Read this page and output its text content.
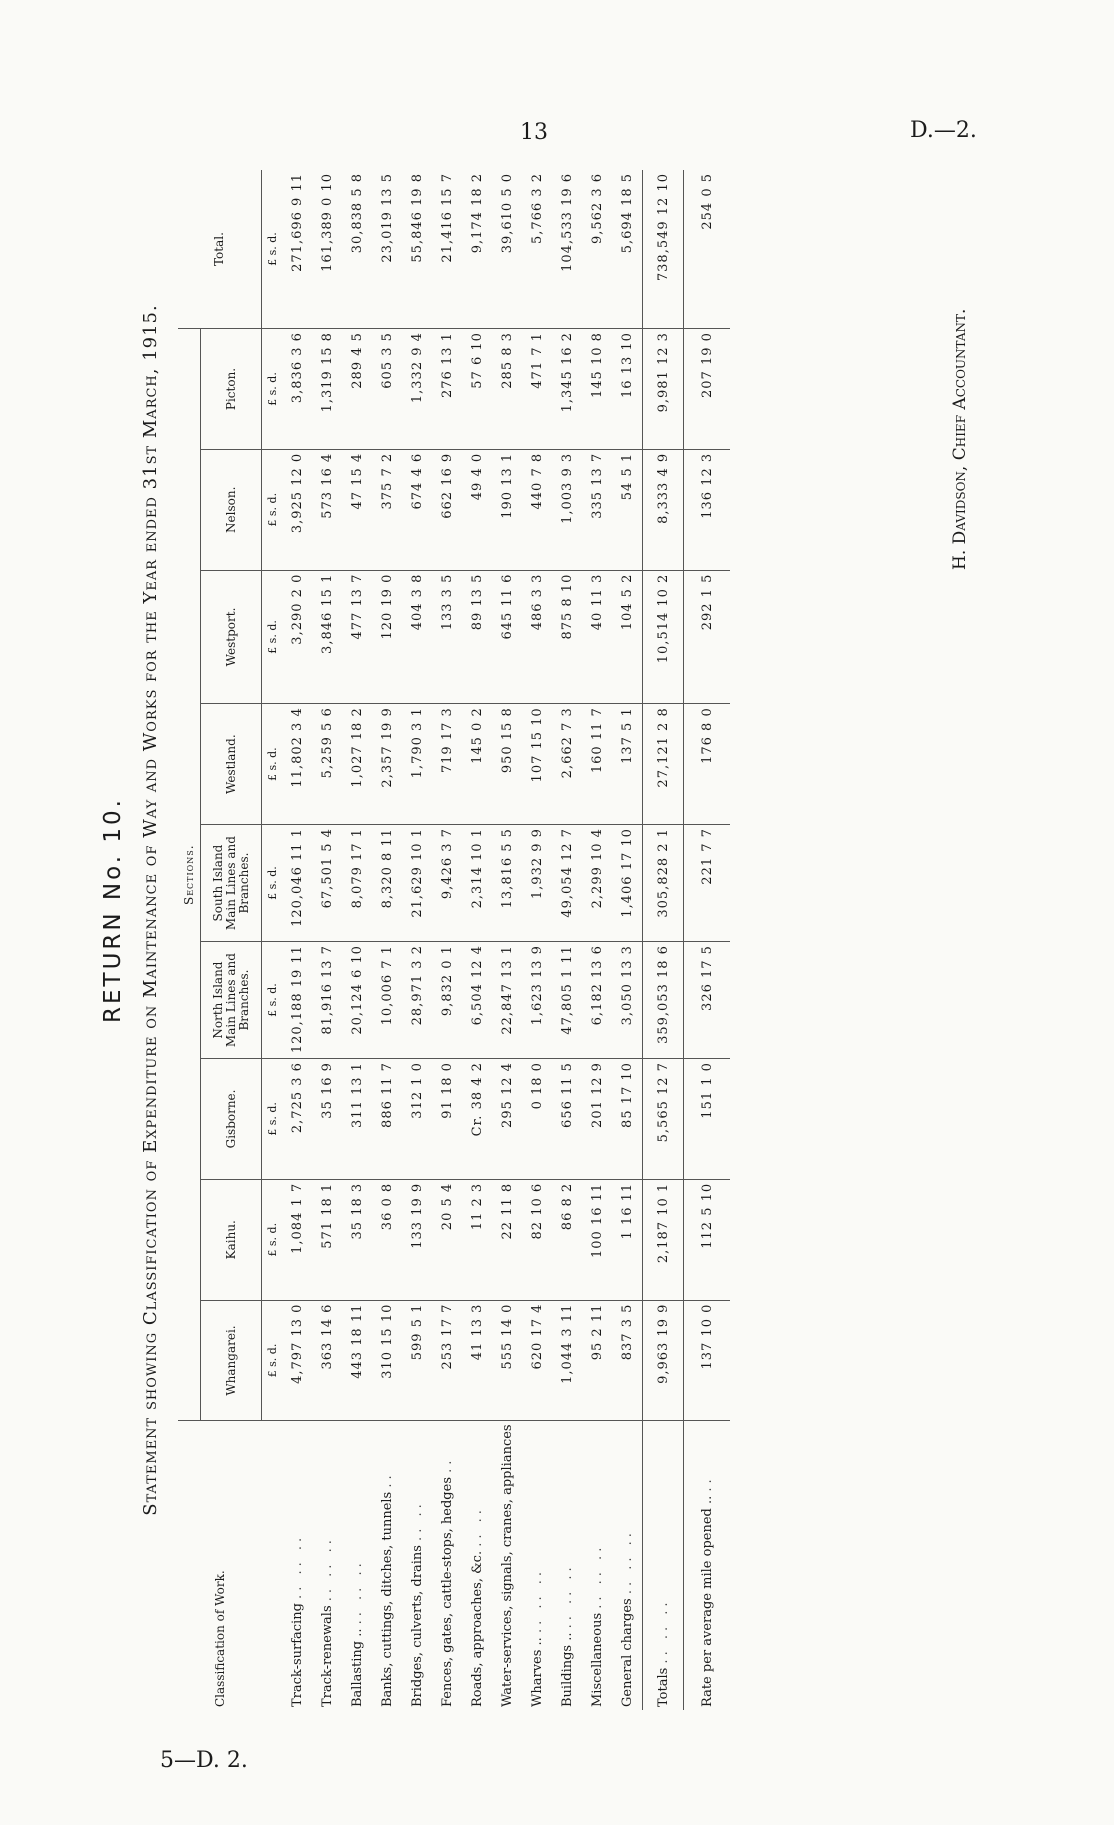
13	D.—2.
5—D. 2.
RETURN No. 10. Statement showing Classification of Expenditure on Maintenance of Way and Works for the Year ended 31st March, 1915.
Classification of Work.	Sections.									Total.
	Whangarei.	Kaihu.	Gisborne.	North Island Main Lines and Branches.	South Island Main Lines and Branches.	Westland.	Westport.	Nelson.	Picton.	
	£ s. d.	£ s. d.	£ s. d.	£ s. d.	£ s. d.	£ s. d.	£ s. d.	£ s. d.	£ s. d.	£ s. d.
Track-surfacing .. .. ..	4,797 13 0	1,084 1 7	2,725 3 6	120,188 19 11	120,046 11 1	11,802 3 4	3,290 2 0	3,925 12 0	3,836 3 6	271,696 9 11
Track-renewals .. .. ..	363 14 6	571 18 1	35 16 9	81,916 13 7	67,501 5 4	5,259 5 6	3,846 15 1	573 16 4	1,319 15 8	161,389 0 10
Ballasting .. .. .. ..	443 18 11	35 18 3	311 13 1	20,124 6 10	8,079 17 1	1,027 18 2	477 13 7	47 15 4	289 4 5	30,838 5 8
Banks, cuttings, ditches, tunnels ..	310 15 10	36 0 8	886 11 7	10,006 7 1	8,320 8 11	2,357 19 9	120 19 0	375 7 2	605 3 5	23,019 13 5
Bridges, culverts, drains .. ..	599 5 1	133 19 9	312 1 0	28,971 3 2	21,629 10 1	1,790 3 1	404 3 8	674 4 6	1,332 9 4	55,846 19 8
Fences, gates, cattle-stops, hedges ..	253 17 7	20 5 4	91 18 0	9,832 0 1	9,426 3 7	719 17 3	133 3 5	662 16 9	276 13 1	21,416 15 7
Roads, approaches, &c. .. ..	41 13 3	11 2 3	Cr. 38 4 2	6,504 12 4	2,314 10 1	145 0 2	89 13 5	49 4 0	57 6 10	9,174 18 2
Water-services, signals, cranes, appliances	555 14 0	22 11 8	295 12 4	22,847 13 1	13,816 5 5	950 15 8	645 11 6	190 13 1	285 8 3	39,610 5 0
Wharves .. .. .. ..	620 17 4	82 10 6	0 18 0	1,623 13 9	1,932 9 9	107 15 10	486 3 3	440 7 8	471 7 1	5,766 3 2
Buildings .. .. .. ..	1,044 3 11	86 8 2	656 11 5	47,805 1 11	49,054 12 7	2,662 7 3	875 8 10	1,003 9 3	1,345 16 2	104,533 19 6
Miscellaneous .. .. ..	95 2 11	100 16 11	201 12 9	6,182 13 6	2,299 10 4	160 11 7	40 11 3	335 13 7	145 10 8	9,562 3 6
General charges .. .. ..	837 3 5	1 16 11	85 17 10	3,050 13 3	1,406 17 10	137 5 1	104 5 2	54 5 1	16 13 10	5,694 18 5
Totals .. .. ..	9,963 19 9	2,187 10 1	5,565 12 7	359,053 18 6	305,828 2 1	27,121 2 8	10,514 10 2	8,333 4 9	9,981 12 3	738,549 12 10
Rate per average mile opened .. ..	137 10 0	112 5 10	151 1 0	326 17 5	221 7 7	176 8 0	292 1 5	136 12 3	207 19 0	254 0 5
H. Davidson, Chief Accountant.
